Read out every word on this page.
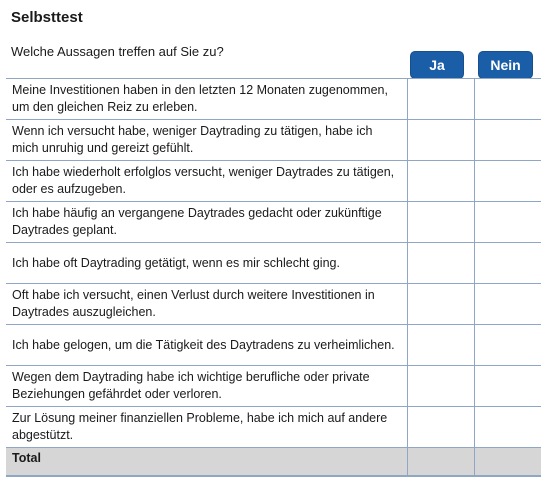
Selbsttest
Welche Aussagen treffen auf Sie zu?
Ja	Nein
Meine Investitionen haben in den letzten 12 Monaten zugenommen, um den gleichen Reiz zu erleben.		
Wenn ich versucht habe, weniger Daytrading zu tätigen, habe ich mich unruhig und gereizt gefühlt.		
Ich habe wiederholt erfolglos versucht, weniger Daytrades zu tätigen, oder es aufzugeben.		
Ich habe häufig an vergangene Daytrades gedacht oder zukünftige Daytrades geplant.		
Ich habe oft Daytrading getätigt, wenn es mir schlecht ging.		
Oft habe ich versucht, einen Verlust durch weitere Investitionen in Daytrades auszugleichen.		
Ich habe gelogen, um die Tätigkeit des Daytradens zu verheimlichen.		
Wegen dem Daytrading habe ich wichtige berufliche oder private Beziehungen gefährdet oder verloren.		
Zur Lösung meiner finanziellen Probleme, habe ich mich auf andere abgestützt.		
Total		
